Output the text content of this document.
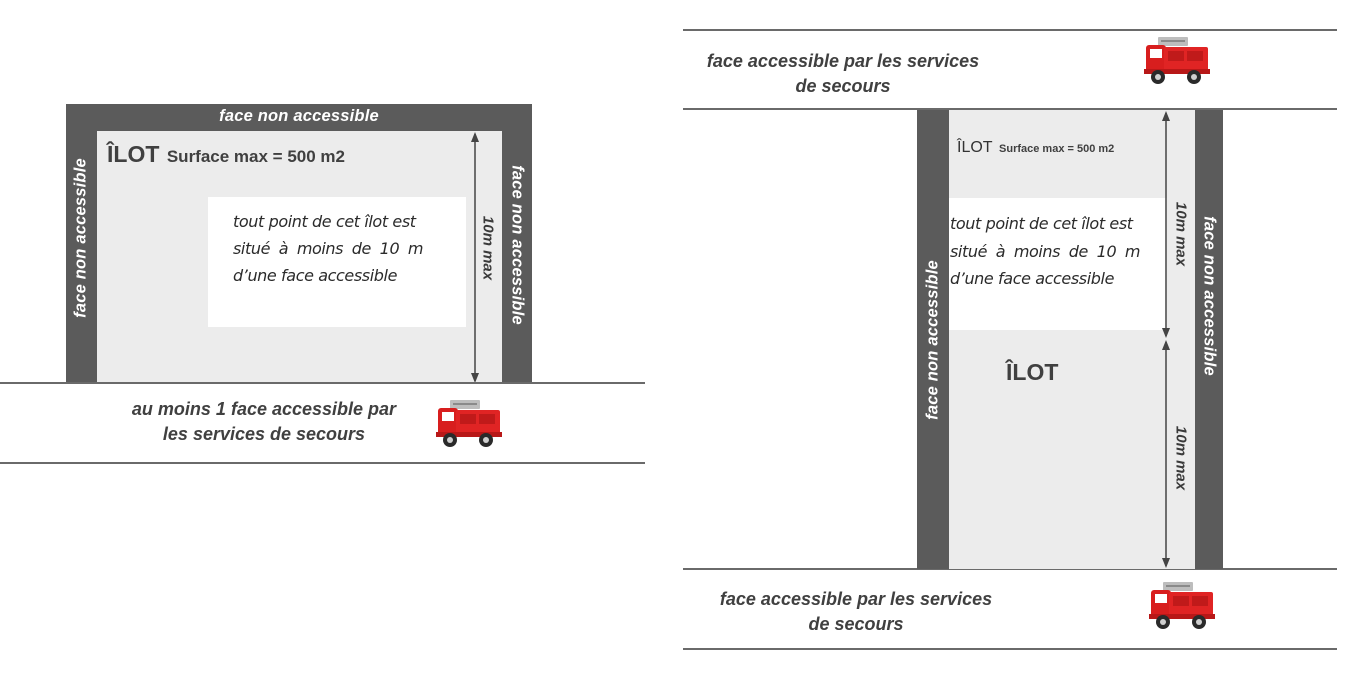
face non accessible
face non accessible	face non accessible
ÎLOT Surface max = 500 m2
tout point de cet îlot est
situé à moins de 10 m
d’une face accessible	10m max
au moins 1 face accessible par
les services de secours
face accessible par les services
de secours
face accessible par les services
de secours
face non accessible	face non accessible
ÎLOT Surface max = 500 m2
tout point de cet îlot est
situé à moins de 10 m
d’une face accessible
ÎLOT
10m max
10m max
